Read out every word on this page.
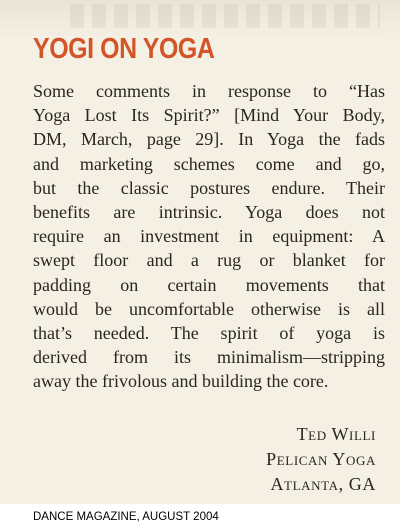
YOGI ON YOGA
Some comments in response to “Has
Yoga Lost Its Spirit?” [Mind Your Body,
DM, March, page 29]. In Yoga the fads
and marketing schemes come and go,
but the classic postures endure. Their
benefits are intrinsic. Yoga does not
require an investment in equipment: A
swept floor and a rug or blanket for
padding on certain movements that
would be uncomfortable otherwise is all
that’s needed. The spirit of yoga is
derived from its minimalism—stripping
away the frivolous and building the core.
Ted Willi
Pelican Yoga
Atlanta, GA

DANCE MAGAZINE, AUGUST 2004
